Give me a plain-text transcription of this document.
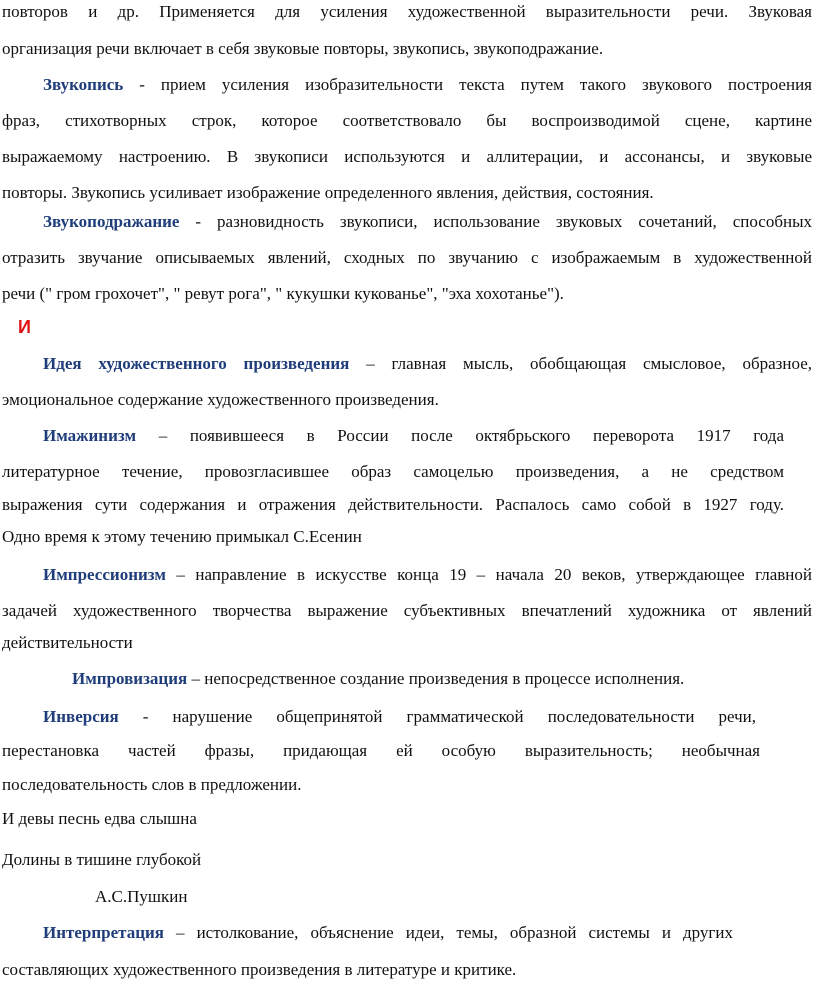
повторов и др. Применяется для усиления художественной выразительности речи. Звуковая
организация речи включает в себя звуковые повторы, звукопись, звукоподражание.
Звукопись - прием усиления изобразительности текста путем такого звукового построения
фраз, стихотворных строк, которое соответствовало бы воспроизводимой сцене, картине
выражаемому настроению. В звукописи используются и аллитерации, и ассонансы, и звуковые
повторы. Звукопись усиливает изображение определенного явления, действия, состояния.
Звукоподражание - разновидность звукописи, использование звуковых сочетаний, способных
отразить звучание описываемых явлений, сходных по звучанию с изображаемым в художественной
речи (" гром грохочет", " ревут рога", " кукушки кукованье", "эха хохотанье").
И
Идея художественного произведения – главная мысль, обобщающая смысловое, образное,
эмоциональное содержание художественного произведения.
Имажинизм – появившееся в России после октябрьского переворота 1917 года
литературное течение, провозгласившее образ самоцелью произведения, а не средством
выражения сути содержания и отражения действительности. Распалось само собой в 1927 году.
Одно время к этому течению примыкал С.Есенин
Импрессионизм – направление в искусстве конца 19 – начала 20 веков, утверждающее главной
задачей художественного творчества выражение субъективных впечатлений художника от явлений
действительности
Импровизация – непосредственное создание произведения в процессе исполнения.
Инверсия - нарушение общепринятой грамматической последовательности речи,
перестановка частей фразы, придающая ей особую выразительность; необычная
последовательность слов в предложении.
И девы песнь едва слышна
Долины в тишине глубокой
А.С.Пушкин
Интерпретация – истолкование, объяснение идеи, темы, образной системы и других
составляющих художественного произведения в литературе и критике.
